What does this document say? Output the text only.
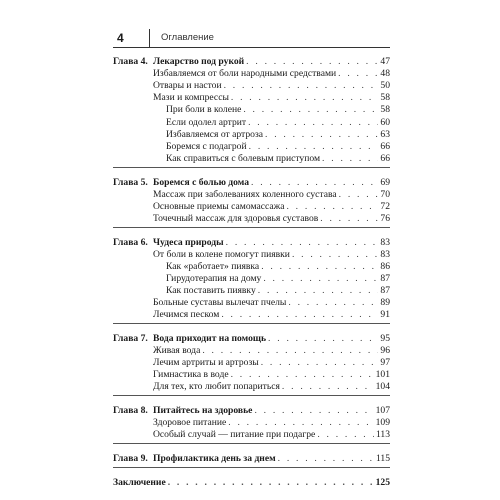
4	Оглавление
Глава 4. Лекарство под рукой . . .	47
Избавляемся от боли народными средствами . . .	48
Отвары и настои . . .	50
Мази и компрессы . . .	58
При боли в колене . . .	58
Если одолел артрит . . .	60
Избавляемся от артроза . . .	63
Боремся с подагрой . . .	66
Как справиться с болевым приступом . . .	66
Глава 5. Боремся с болью дома . . .	69
Массаж при заболеваниях коленного сустава . . .	70
Основные приемы самомассажа . . .	72
Точечный массаж для здоровья суставов . . .	76
Глава 6. Чудеса природы . . .	83
От боли в колене помогут пиявки . . .	83
Как «работает» пиявка . . .	86
Гирудотерапия на дому . . .	87
Как поставить пиявку . . .	87
Больные суставы вылечат пчелы . . .	89
Лечимся песком . . .	91
Глава 7. Вода приходит на помощь . . .	95
Живая вода . . .	96
Лечим артриты и артрозы . . .	97
Гимнастика в воде . . .	101
Для тех, кто любит попариться . . .	104
Глава 8. Питайтесь на здоровье . . .	107
Здоровое питание . . .	109
Особый случай — питание при подагре . . .	113
Глава 9. Профилактика день за днем . . .	115
Заключение . . .	125
